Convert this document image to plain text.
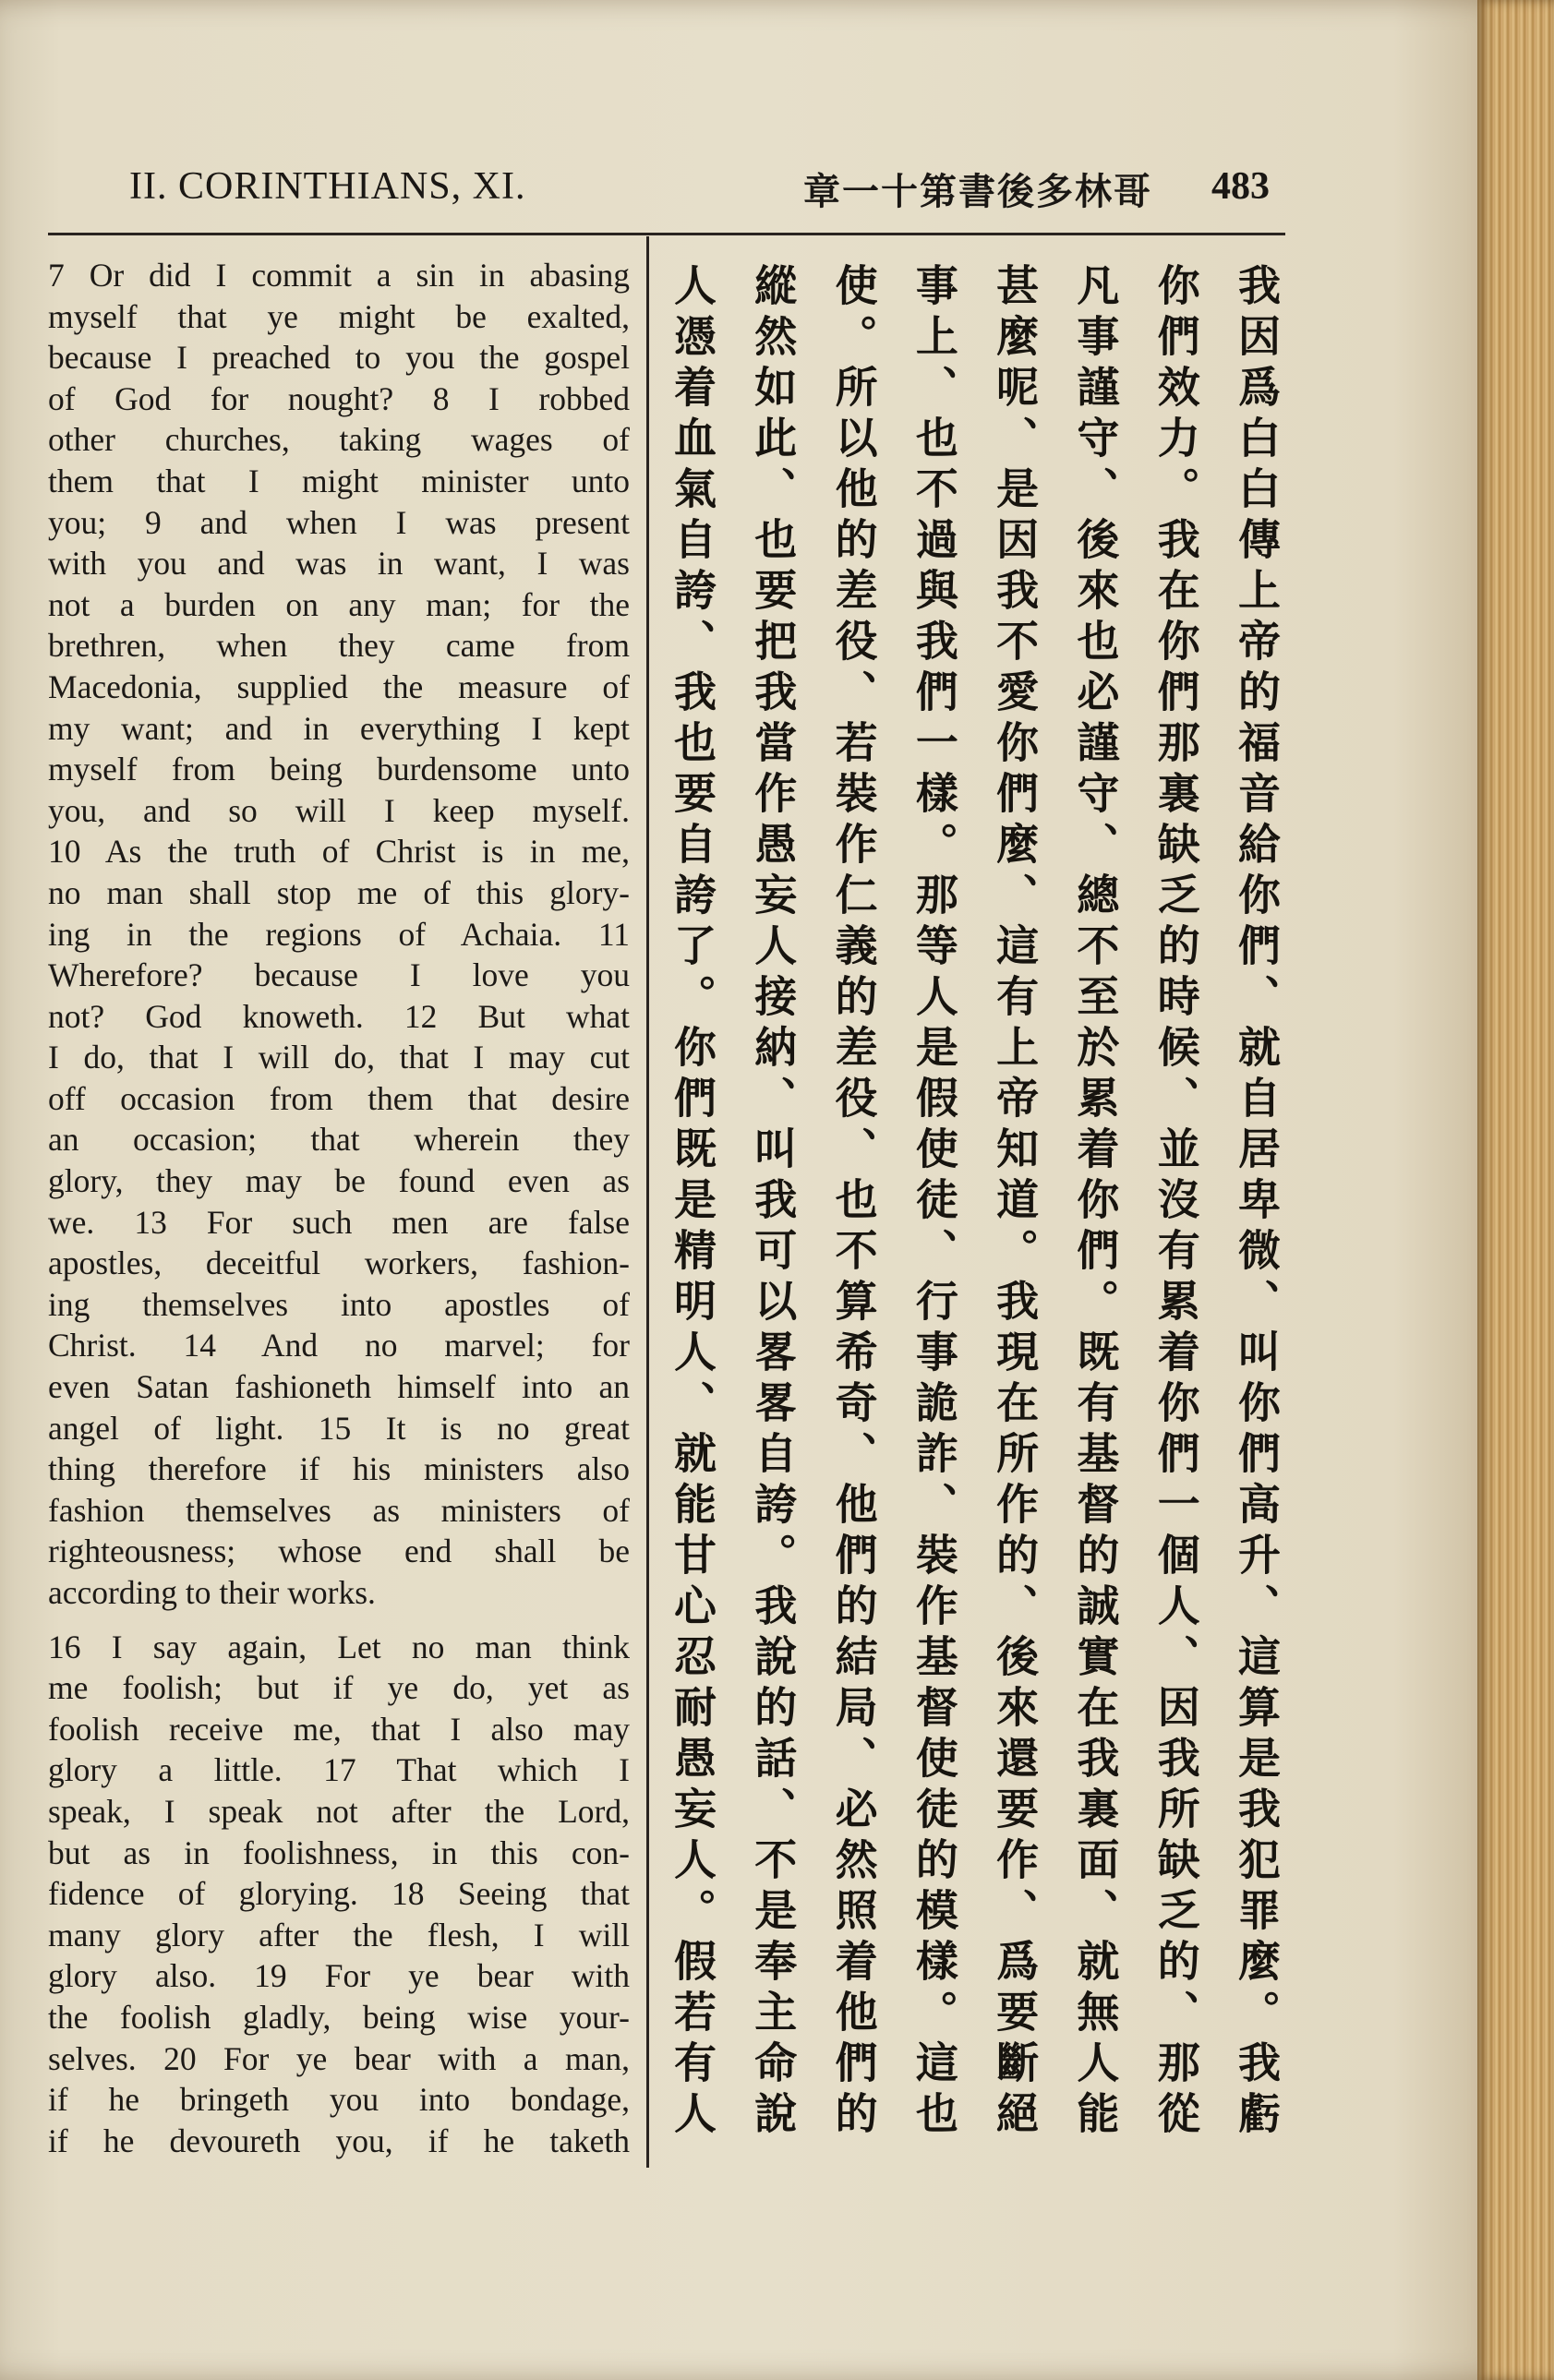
II. CORINTHIANS, XI.	章一十第書後多林哥 483
7 Or did I commit a sin in abasing
myself that ye might be exalted,
because I preached to you the gospel
of God for nought? 8 I robbed
other churches, taking wages of
them that I might minister unto
you; 9 and when I was present
with you and was in want, I was
not a burden on any man; for the
brethren, when they came from
Macedonia, supplied the measure of
my want; and in everything I kept
myself from being burdensome unto
you, and so will I keep myself.
10 As the truth of Christ is in me,
no man shall stop me of this glory-
ing in the regions of Achaia. 11
Wherefore? because I love you
not? God knoweth. 12 But what
I do, that I will do, that I may cut
off occasion from them that desire
an occasion; that wherein they
glory, they may be found even as
we. 13 For such men are false
apostles, deceitful workers, fashion-
ing themselves into apostles of
Christ. 14 And no marvel; for
even Satan fashioneth himself into an
angel of light. 15 It is no great
thing therefore if his ministers also
fashion themselves as ministers of
righteousness; whose end shall be
according to their works.
16 I say again, Let no man think
me foolish; but if ye do, yet as
foolish receive me, that I also may
glory a little. 17 That which I
speak, I speak not after the Lord,
but as in foolishness, in this con-
fidence of glorying. 18 Seeing that
many glory after the flesh, I will
glory also. 19 For ye bear with
the foolish gladly, being wise your-
selves. 20 For ye bear with a man,
if he bringeth you into bondage,
if he devoureth you, if he taketh
我因爲白白傳上帝的福音給你們、就自居卑微、叫你們高升、這算是我犯罪麼。我虧
你們效力。我在你們那裏缺乏的時候、並沒有累着你們一個人、因我所缺乏的、那從
凡事謹守、後來也必謹守、總不至於累着你們。既有基督的誠實在我裏面、就無人能
甚麼呢、是因我不愛你們麼、這有上帝知道。我現在所作的、後來還要作、爲要斷絕
事上、也不過與我們一樣。那等人是假使徒、行事詭詐、裝作基督使徒的模樣。這也
使。所以他的差役、若裝作仁義的差役、也不算希奇、他們的結局、必然照着他們的
縱然如此、也要把我當作愚妄人接納、叫我可以畧畧自誇。我說的話、不是奉主命說
人憑着血氣自誇、我也要自誇了。你們既是精明人、就能甘心忍耐愚妄人。假若有人
